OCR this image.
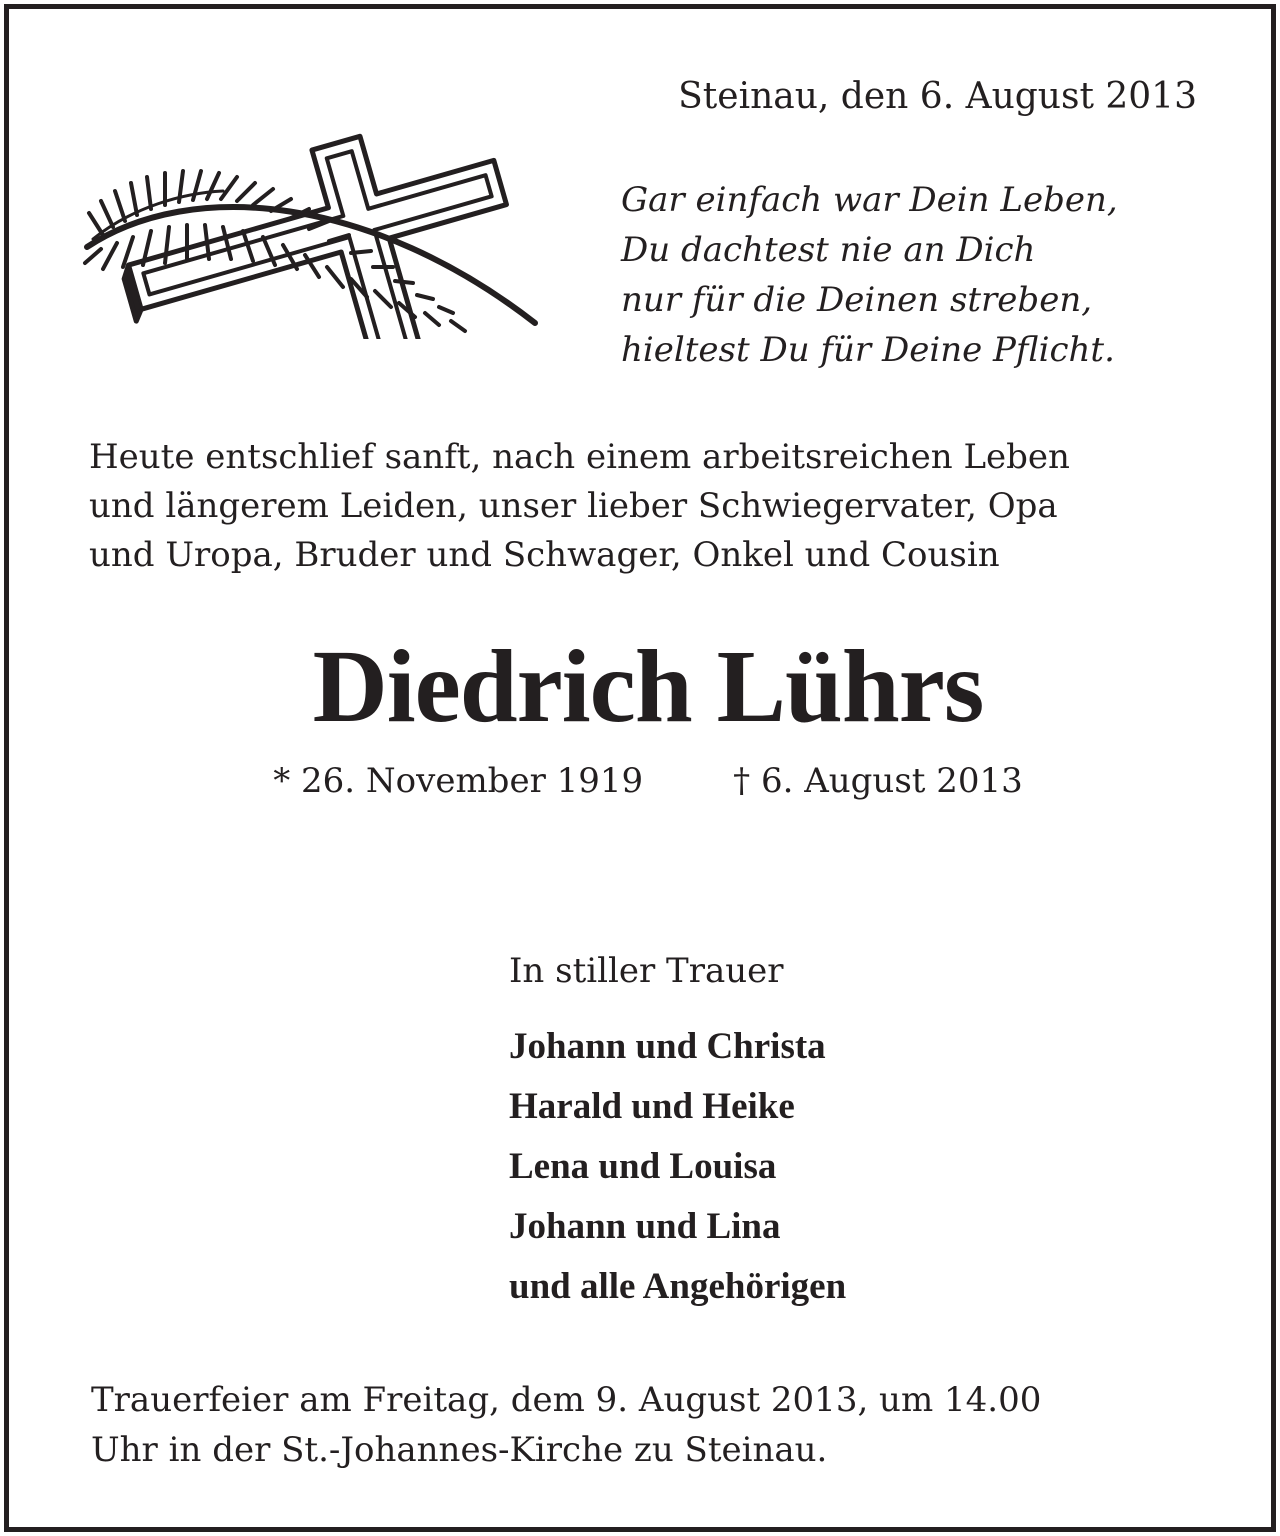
Steinau, den 6. August 2013
Gar einfach war Dein Leben,
Du dachtest nie an Dich
nur für die Deinen streben,
hieltest Du für Deine Pflicht.
Heute entschlief sanft, nach einem arbeitsreichen Leben
und längerem Leiden, unser lieber Schwiegervater, Opa
und Uropa, Bruder und Schwager, Onkel und Cousin
Diedrich Lührs
* 26. November 1919	† 6. August 2013
In stiller Trauer
Johann und Christa
Harald und Heike
Lena und Louisa
Johann und Lina
und alle Angehörigen
Trauerfeier am Freitag, dem 9. August 2013, um 14.00
Uhr in der St.-Johannes-Kirche zu Steinau.
